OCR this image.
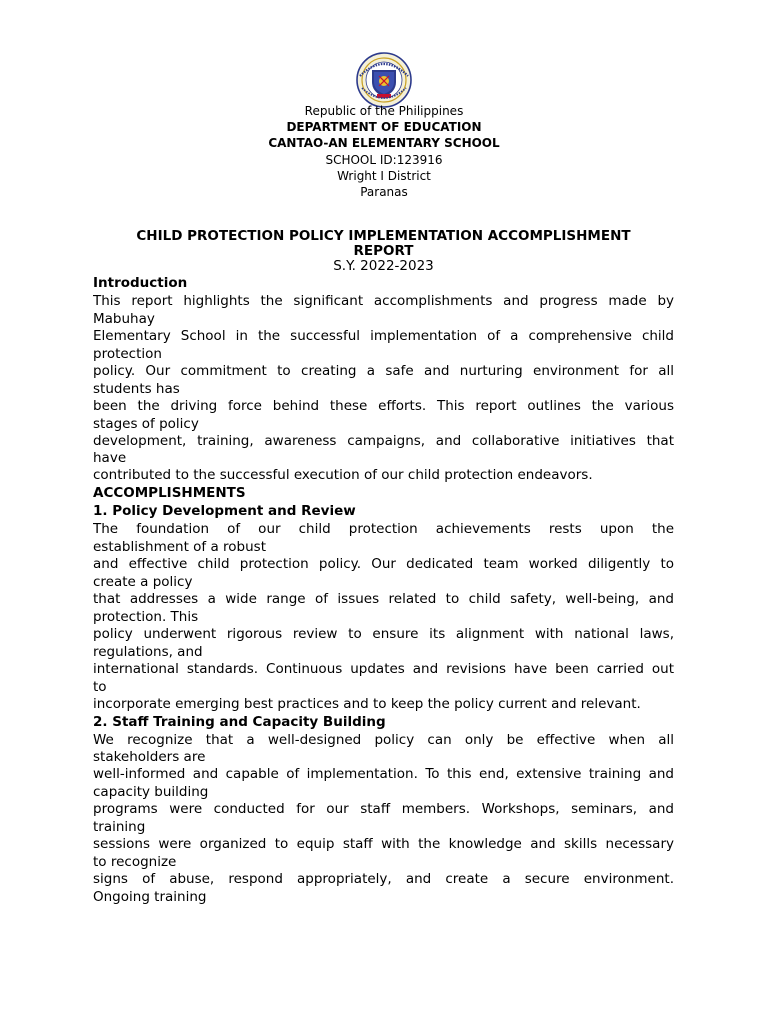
Republic of the Philippines
DEPARTMENT OF EDUCATION
CANTAO-AN ELEMENTARY SCHOOL
SCHOOL ID:123916
Wright I District
Paranas
CHILD PROTECTION POLICY IMPLEMENTATION ACCOMPLISHMENT
REPORT
S.Y. 2022-2023
Introduction
This report highlights the significant accomplishments and progress made by
Mabuhay
Elementary School in the successful implementation of a comprehensive child
protection
policy. Our commitment to creating a safe and nurturing environment for all
students has
been the driving force behind these efforts. This report outlines the various
stages of policy
development, training, awareness campaigns, and collaborative initiatives that
have
contributed to the successful execution of our child protection endeavors.
ACCOMPLISHMENTS
1. Policy Development and Review
The foundation of our child protection achievements rests upon the
establishment of a robust
and effective child protection policy. Our dedicated team worked diligently to
create a policy
that addresses a wide range of issues related to child safety, well-being, and
protection. This
policy underwent rigorous review to ensure its alignment with national laws,
regulations, and
international standards. Continuous updates and revisions have been carried out
to
incorporate emerging best practices and to keep the policy current and relevant.
2. Staff Training and Capacity Building
We recognize that a well-designed policy can only be effective when all
stakeholders are
well-informed and capable of implementation. To this end, extensive training and
capacity building
programs were conducted for our staff members. Workshops, seminars, and
training
sessions were organized to equip staff with the knowledge and skills necessary
to recognize
signs of abuse, respond appropriately, and create a secure environment.
Ongoing training
